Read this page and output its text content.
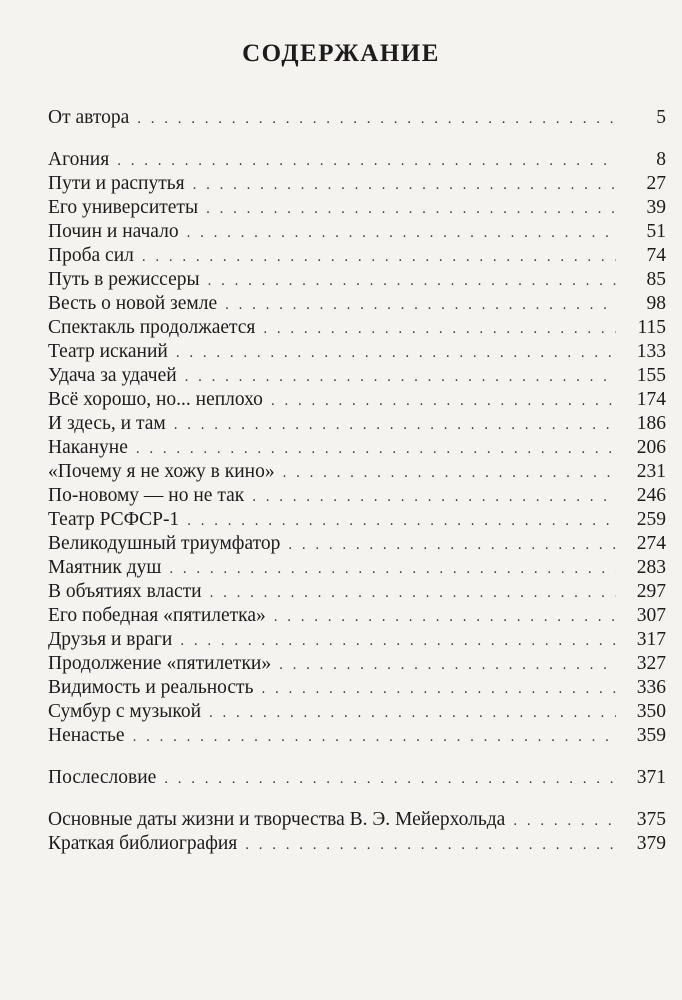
СОДЕРЖАНИЕ
От автора . . .	5
Агония . . .	8
Пути и распутья . . .	27
Его университеты . . .	39
Почин и начало . . .	51
Проба сил . . .	74
Путь в режиссеры . . .	85
Весть о новой земле . . .	98
Спектакль продолжается . . .	115
Театр исканий . . .	133
Удача за удачей . . .	155
Всё хорошо, но... неплохо . . .	174
И здесь, и там . . .	186
Накануне . . .	206
«Почему я не хожу в кино» . . .	231
По-новому — но не так . . .	246
Театр РСФСР-1 . . .	259
Великодушный триумфатор . . .	274
Маятник душ . . .	283
В объятиях власти . . .	297
Его победная «пятилетка» . . .	307
Друзья и враги . . .	317
Продолжение «пятилетки» . . .	327
Видимость и реальность . . .	336
Сумбур с музыкой . . .	350
Ненастье . . .	359
Послесловие . . .	371
Основные даты жизни и творчества В. Э. Мейерхольда . . .	375
Краткая библиография . . .	379
